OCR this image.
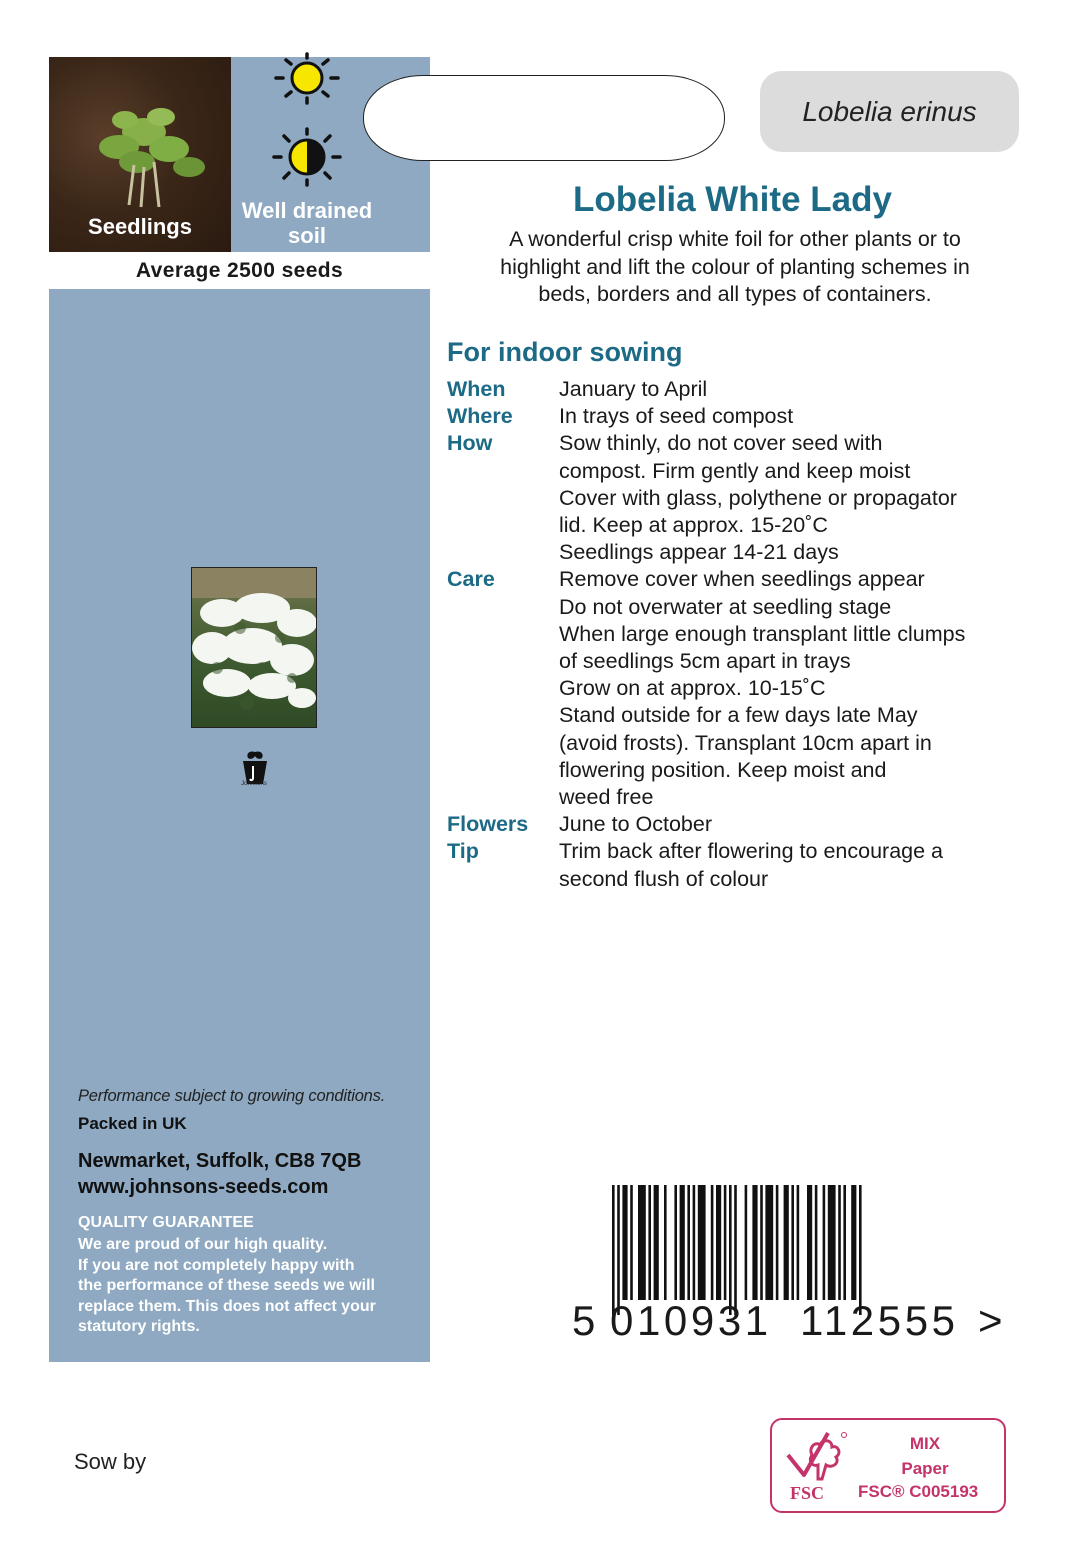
Seedlings
Well drained
soil
Average 2500 seeds
Johnsons
Performance subject to growing conditions.
Packed in UK
Newmarket, Suffolk, CB8 7QB
www.johnsons-seeds.com
QUALITY GUARANTEE
We are proud of our high quality.
If you are not completely happy with
the performance of these seeds we will
replace them. This does not affect your
statutory rights.
Lobelia erinus
Lobelia White Lady
A wonderful crisp white foil for other plants or to
highlight and lift the colour of planting schemes in
beds, borders and all types of containers.
For indoor sowing
When	January to April
Where	In trays of seed compost
How	Sow thinly, do not cover seed with
compost. Firm gently and keep moist
Cover with glass, polythene or propagator
lid. Keep at approx. 15-20˚C
Seedlings appear 14-21 days
Care	Remove cover when seedlings appear
Do not overwater at seedling stage
When large enough transplant little clumps
of seedlings 5cm apart in trays
Grow on at approx. 10-15˚C
Stand outside for a few days late May
(avoid frosts). Transplant 10cm apart in
flowering position. Keep moist and
weed free
Flowers	June to October
Tip	Trim back after flowering to encourage a
second flush of colour
5 010931 112555 >
Sow by
FSC
MIX
Paper
FSC® C005193
